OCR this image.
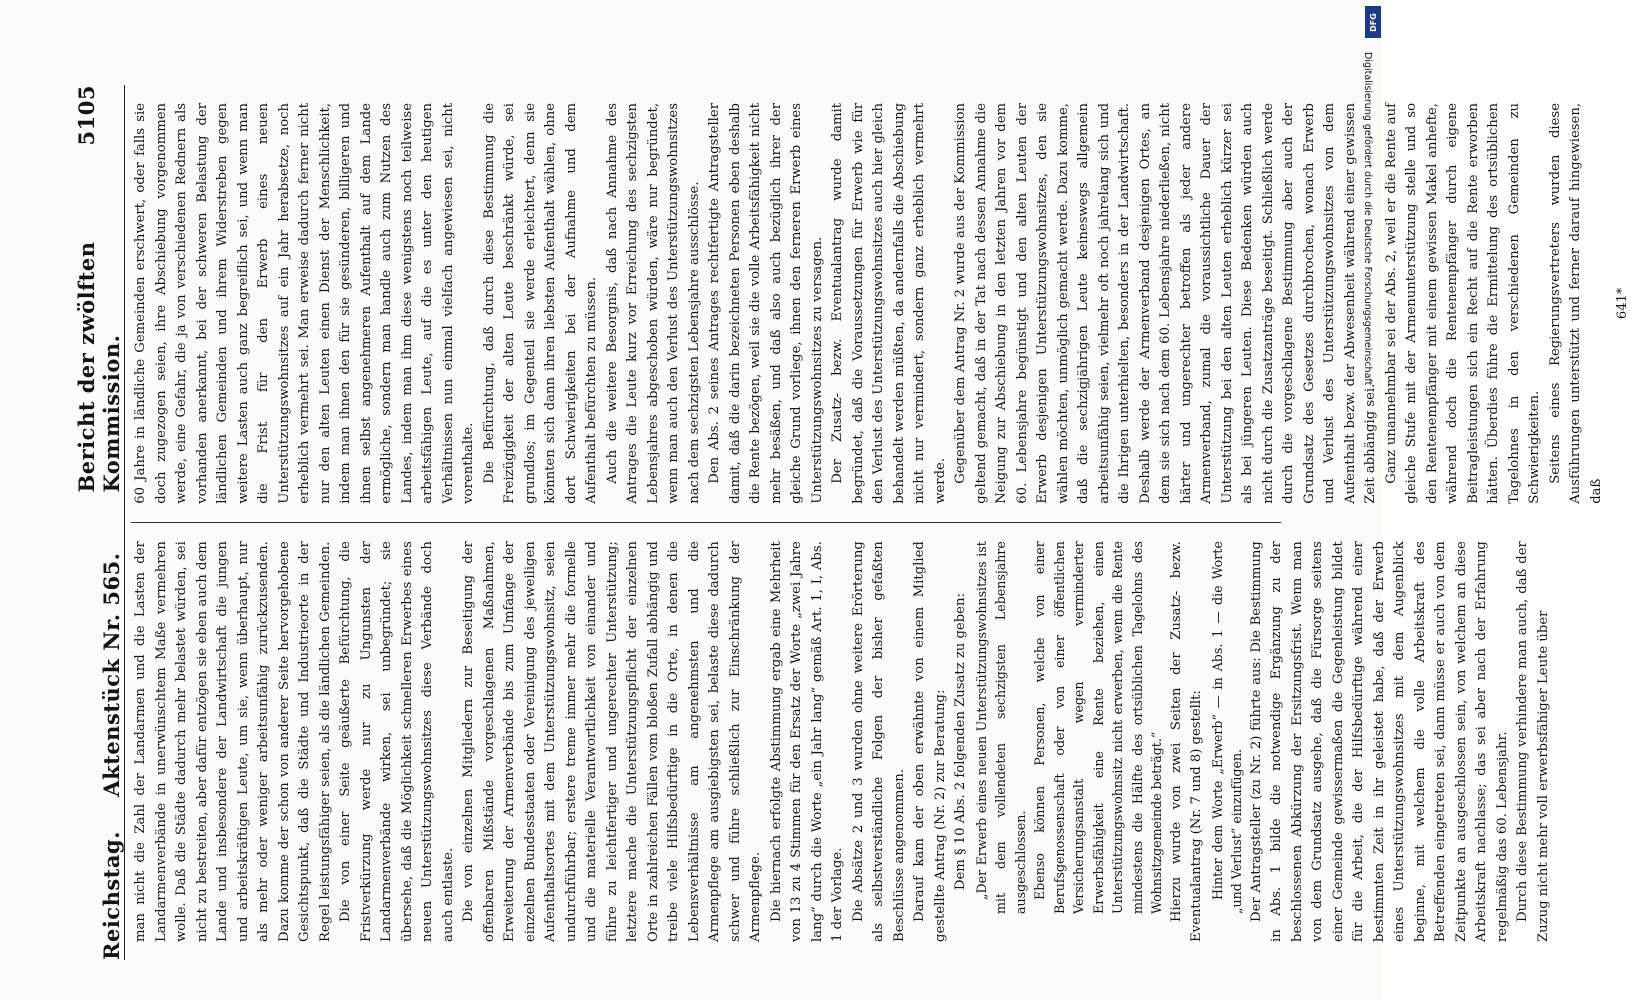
Reichstag.
Aktenstück Nr. 565.
Bericht der zwölften Kommission.
5105

man nicht die Zahl der Landarmen und die Lasten der Landarmenverbände in unerwünschtem Maße vermehren wolle. Daß die Städte dadurch mehr belastet würden, sei nicht zu bestreiten, aber dafür entzögen sie eben auch dem Lande und insbesondere der Landwirtschaft die jungen und arbeitskräftigen Leute, um sie, wenn überhaupt, nur als mehr oder weniger arbeitsunfähig zurückzusenden. Dazu komme der schon von anderer Seite hervorgehobene Gesichtspunkt, daß die Städte und Industrieorte in der Regel leistungsfähiger seien, als die ländlichen Gemeinden. Die von einer Seite geäußerte Befürchtung, die Fristverkürzung werde nur zu Ungunsten der Landarmenverbände wirken, sei unbegründet; sie übersehe, daß die Möglichkeit schnelleren Erwerbes eines neuen Unterstützungswohnsitzes diese Verbände doch auch entlaste. Die von einzelnen Mitgliedern zur Beseitigung der offenbaren Mißstände vorgeschlagenen Maßnahmen, Erweiterung der Armenverbände bis zum Umfange der einzelnen Bundesstaaten oder Vereinigung des jeweiligen Aufenthaltsortes mit dem Unterstützungswohnsitz, seien undurchführbar; erstere treme immer mehr die formelle und die materielle Verantwortlichkeit von einander und führe zu leichtfertiger und ungerechter Unterstützung; letztere mache die Unterstützungspflicht der einzelnen Orte in zahlreichen Fällen vom bloßen Zufall abhängig und treibe viele Hilfsbedürftige in die Orte, in denen die Lebensverhältnisse am angenehmsten und die Armenpflege am ausgiebigsten sei, belaste diese dadurch schwer und führe schließlich zur Einschränkung der Armenpflege. Die hiernach erfolgte Abstimmung ergab eine Mehrheit von 13 zu 4 Stimmen für den Ersatz der Worte „zwei Jahre lang“ durch die Worte „ein Jahr lang“ gemäß Art. 1, I, Abs. 1 der Vorlage. Die Absätze 2 und 3 wurden ohne weitere Erörterung als selbstverständliche Folgen der bisher gefaßten Beschlüsse angenommen. Darauf kam der oben erwähnte von einem Mitglied gestellte Antrag (Nr. 2) zur Beratung: Dem § 10 Abs. 2 folgenden Zusatz zu geben: „Der Erwerb eines neuen Unterstützungswohnsitzes ist mit dem vollendeten sechzigsten Lebensjahre ausgeschlossen. Ebenso können Personen, welche von einer Berufsgenossenschaft oder von einer öffentlichen Versicherungsanstalt wegen verminderter Erwerbsfähigkeit eine Rente beziehen, einen Unterstützungswohnsitz nicht erwerben, wenn die Rente mindestens die Hälfte des ortsüblichen Tagelohns des Wohnsitzgemeinde beträgt.“ Hierzu wurde von zwei Seiten der Zusatz- bezw. Eventualantrag (Nr. 7 und 8) gestellt: Hinter dem Worte „Erwerb“ — in Abs. 1 — die Worte „und Verlust“ einzufügen. Der Antragsteller (zu Nr. 2) führte aus: Die Bestimmung in Abs. 1 bilde die notwendige Ergänzung zu der beschlossenen Abkürzung der Ersitzungsfrist. Wenn man von dem Grundsatz ausgehe, daß die Fürsorge seitens einer Gemeinde gewissermaßen die Gegenleistung bildet für die Arbeit, die der Hilfsbedürftige während einer bestimmten Zeit in ihr geleistet habe, daß der Erwerb eines Unterstützungswohnsitzes mit dem Augenblick beginne, mit welchem die volle Arbeitskraft des Betreffenden eingetreten sei, dann müsse er auch von dem Zeitpunkte an ausgeschlossen sein, von welchem an diese Arbeitskraft nachlasse; das sei aber nach der Erfahrung regelmäßig das 60. Lebensjahr. Durch diese Bestimmung verhindere man auch, daß der Zuzug nicht mehr voll erwerbsfähiger Leute über

60 Jahre in ländliche Gemeinden erschwert, oder falls sie doch zugezogen seien, ihre Abschiebung vorgenommen werde, eine Gefahr, die ja von verschiedenen Rednern als vorhanden anerkannt, bei der schweren Belastung der ländlichen Gemeinden und ihrem Widerstreben gegen weitere Lasten auch ganz begreiflich sei, und wenn man die Frist für den Erwerb eines neuen Unterstützungswohnsitzes auf ein Jahr herabsetze, noch erheblich vermehrt sei. Man erweise dadurch ferner nicht nur den alten Leuten einen Dienst der Menschlichkeit, indem man ihnen den für sie gesünderen, billigeren und ihnen selbst angenehmeren Aufenthalt auf dem Lande ermögliche, sondern man handle auch zum Nutzen des Landes, indem man ihm diese wenigstens noch teilweise arbeitsfähigen Leute, auf die es unter den heutigen Verhältnissen nun einmal vielfach angewiesen sei, nicht vorenthalte. Die Befürchtung, daß durch diese Bestimmung die Freizügigkeit der alten Leute beschränkt würde, sei grundlos; im Gegenteil sie werde erleichtert, denn sie könnten sich dann ihren liebsten Aufenthalt wählen, ohne dort Schwierigkeiten bei der Aufnahme und dem Aufenthalt befürchten zu müssen. Auch die weitere Besorgnis, daß nach Annahme des Antrages die Leute kurz vor Erreichung des sechzigsten Lebensjahres abgeschoben würden, wäre nur begründet, wenn man auch den Verlust des Unterstützungswohnsitzes nach dem sechzigsten Lebensjahre ausschlösse. Den Abs. 2 seines Antrages rechtfertigte Antragsteller damit, daß die darin bezeichneten Personen eben deshalb die Rente bezögen, weil sie die volle Arbeitsfähigkeit nicht mehr besäßen, und daß also auch bezüglich ihrer der gleiche Grund vorliege, ihnen den ferneren Erwerb eines Unterstützungswohnsitzes zu versagen. Der Zusatz- bezw. Eventualantrag wurde damit begründet, daß die Voraussetzungen für Erwerb wie für den Verlust des Unterstützungswohnsitzes auch hier gleich behandelt werden müßten, da andernfalls die Abschiebung nicht nur vermindert, sondern ganz erheblich vermehrt werde. Gegenüber dem Antrag Nr. 2 wurde aus der Kommission geltend gemacht, daß in der Tat nach dessen Annahme die Neigung zur Abschiebung in den letzten Jahren vor dem 60. Lebensjahre begünstigt und den alten Leuten der Erwerb desjenigen Unterstützungswohnsitzes, den sie wählen möchten, unmöglich gemacht werde. Dazu komme, daß die sechzigjährigen Leute keineswegs allgemein arbeitsunfähig seien, vielmehr oft noch jahrelang sich und die Ihrigen unterhielten, besonders in der Landwirtschaft. Deshalb werde der Armenverband desjenigen Ortes, an dem sie sich nach dem 60. Lebensjahre niederließen, nicht härter und ungerechter betroffen als jeder andere Armenverband, zumal die voraussichtliche Dauer der Unterstützung bei den alten Leuten erheblich kürzer sei als bei jüngeren Leuten. Diese Bedenken würden auch nicht durch die Zusatzanträge beseitigt. Schließlich werde durch die vorgeschlagene Bestimmung aber auch der Grundsatz des Gesetzes durchbrochen, wonach Erwerb und Verlust des Unterstützungswohnsitzes von dem Aufenthalt bezw. der Abwesenheit während einer gewissen Zeit abhängig sei. Ganz unannehmbar sei der Abs. 2, weil er die Rente auf gleiche Stufe mit der Armenunterstützung stelle und so den Rentenempfänger mit einem gewissen Makel anhefte, während doch die Rentenempfänger durch eigene Beitragleistungen sich ein Recht auf die Rente erworben hätten. Überdies führe die Ermittelung des ortsüblichen Tagelohnes in den verschiedenen Gemeinden zu Schwierigkeiten. Seitens eines Regierungsvertreters wurden diese Ausführungen unterstützt und ferner darauf hingewiesen, daß

641*
DFG
Digitalisierung gefördert durch die Deutsche Forschungsgemeinschaft
